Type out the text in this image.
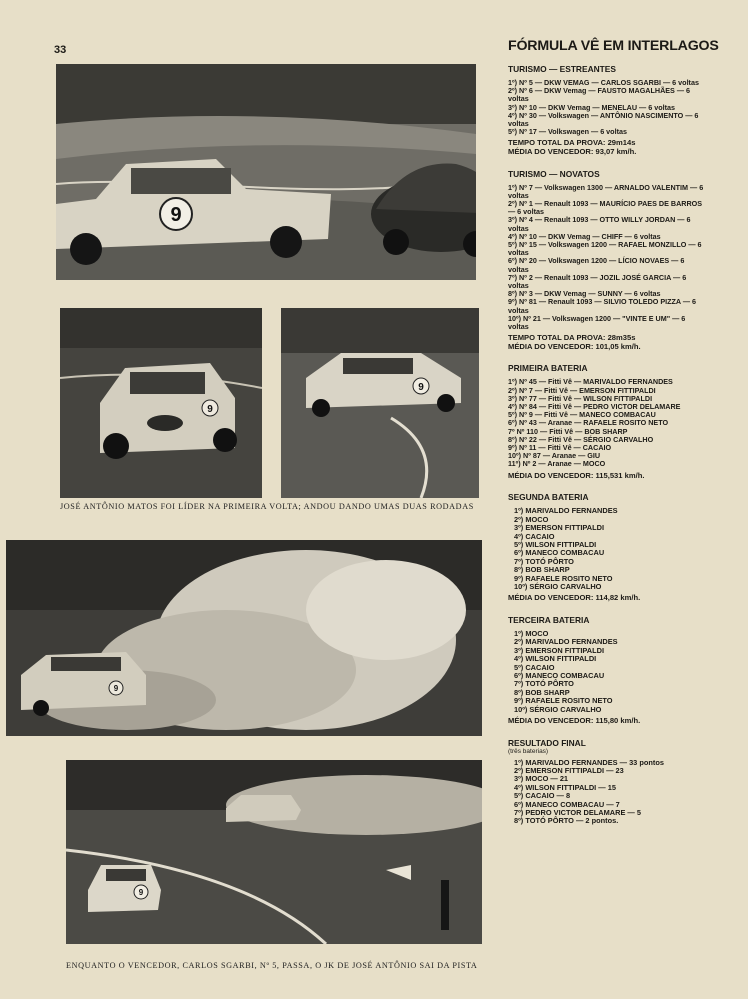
33
9
9
9
JOSÉ ANTÔNIO MATOS FOI LÍDER NA PRIMEIRA VOLTA; ANDOU DANDO UMAS DUAS RODADAS
9
9
ENQUANTO O VENCEDOR, CARLOS SGARBI, Nº 5, PASSA, O JK DE JOSÉ ANTÔNIO SAI DA PISTA
FÓRMULA VÊ EM INTERLAGOS
TURISMO — ESTREANTES
1º) Nº 5 — DKW VEMAG — CARLOS SGARBI — 6 voltas
2º) Nº 6 — DKW Vemag — FAUSTO MAGALHÃES — 6 voltas
3º) Nº 10 — DKW Vemag — MENELAU — 6 voltas
4º) Nº 30 — Volkswagen — ANTÔNIO NASCIMENTO — 6 voltas
5º) Nº 17 — Volkswagen — 6 voltas
TEMPO TOTAL DA PROVA: 29m14s
MÉDIA DO VENCEDOR: 93,07 km/h.
TURISMO — NOVATOS
1º) Nº 7 — Volkswagen 1300 — ARNALDO VALENTIM — 6 voltas
2º) Nº 1 — Renault 1093 — MAURÍCIO PAES DE BARROS — 6 voltas
3º) Nº 4 — Renault 1093 — OTTO WILLY JORDAN — 6 voltas
4º) Nº 10 — DKW Vemag — CHIFF — 6 voltas
5º) Nº 15 — Volkswagen 1200 — RAFAEL MONZILLO — 6 voltas
6º) Nº 20 — Volkswagen 1200 — LÍCIO NOVAES — 6 voltas
7º) Nº 2 — Renault 1093 — JOZIL JOSÉ GARCIA — 6 voltas
8º) Nº 3 — DKW Vemag — SUNNY — 6 voltas
9º) Nº 81 — Renault 1093 — SILVIO TOLEDO PIZZA — 6 voltas
10º) Nº 21 — Volkswagen 1200 — "VINTE E UM" — 6 voltas
TEMPO TOTAL DA PROVA: 28m35s
MÉDIA DO VENCEDOR: 101,05 km/h.
PRIMEIRA BATERIA
1º) Nº 45 — Fitti Vê — MARIVALDO FERNANDES
2º) Nº 7 — Fitti Vê — EMERSON FITTIPALDI
3º) Nº 77 — Fitti Vê — WILSON FITTIPALDI
4º) Nº 84 — Fitti Vê — PEDRO VICTOR DELAMARE
5º) Nº 9 — Fitti Vê — MANECO COMBACAU
6º) Nº 43 — Aranae — RAFAELE ROSITO NETO
7º Nº 110 — Fitti Vê — BOB SHARP
8º) Nº 22 — Fitti Vê — SÉRGIO CARVALHO
9º) Nº 11 — Fitti Vê — CACAIO
10º) Nº 87 — Aranae — GIU
11º) Nº 2 — Aranae — MOCO
MÉDIA DO VENCEDOR: 115,531 km/h.
SEGUNDA BATERIA
1º) MARIVALDO FERNANDES
2º) MOCO
3º) EMERSON FITTIPALDI
4º) CACAIO
5º) WILSON FITTIPALDI
6º) MANECO COMBACAU
7º) TOTÓ PÔRTO
8º) BOB SHARP
9º) RAFAELE ROSITO NETO
10º) SÉRGIO CARVALHO
MÉDIA DO VENCEDOR: 114,82 km/h.
TERCEIRA BATERIA
1º) MOCO
2º) MARIVALDO FERNANDES
3º) EMERSON FITTIPALDI
4º) WILSON FITTIPALDI
5º) CACAIO
6º) MANECO COMBACAU
7º) TOTÓ PÔRTO
8º) BOB SHARP
9º) RAFAELE ROSITO NETO
10º) SÉRGIO CARVALHO
MÉDIA DO VENCEDOR: 115,80 km/h.
RESULTADO FINAL
(três baterias)
1º) MARIVALDO FERNANDES — 33 pontos
2º) EMERSON FITTIPALDI — 23
3º) MOCO — 21
4º) WILSON FITTIPALDI — 15
5º) CACAIO — 8
6º) MANECO COMBACAU — 7
7º) PEDRO VICTOR DELAMARE — 5
8º) TOTÓ PÔRTO — 2 pontos.
